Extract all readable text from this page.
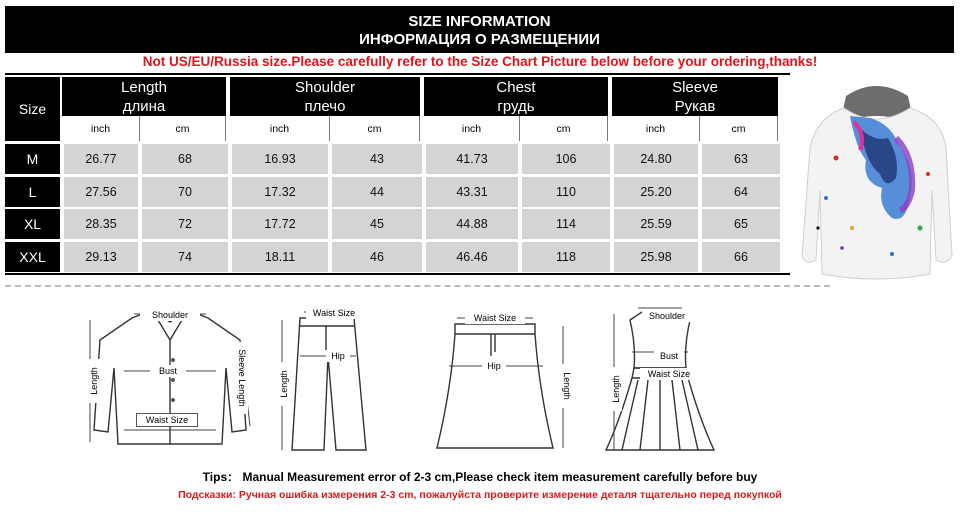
SIZE INFORMATION
ИНФОРМАЦИЯ О РАЗМЕЩЕНИИ
Not US/EU/Russia size.Please carefully refer to the Size Chart Picture below before your ordering,thanks!
Size
Length
длина
Shoulder
плечо
Chest
грудь
Sleeve
Рукав
inch	cm	inch	cm	inch	cm	inch	cm
M	26.77	68	16.93	43	41.73	106	24.80	63
L	27.56	70	17.32	44	43.31	110	25.20	64
XL	28.35	72	17.72	45	44.88	114	25.59	65
XXL	29.13	74	18.11	46	46.46	118	25.98	66
Shoulder
Bust
Waist Size
Length	Sleeve Length
Waist Size
Hip
Length
Waist Size
Hip
Length
Shoulder
Bust
Waist Size
Length
Tips： Manual Measurement error of 2-3 cm,Please check item measurement carefully before buy
Подсказки: Ручная ошибка измерения 2-3 cm, пожалуйста проверите измерение деталя тщательно перед покупкой
